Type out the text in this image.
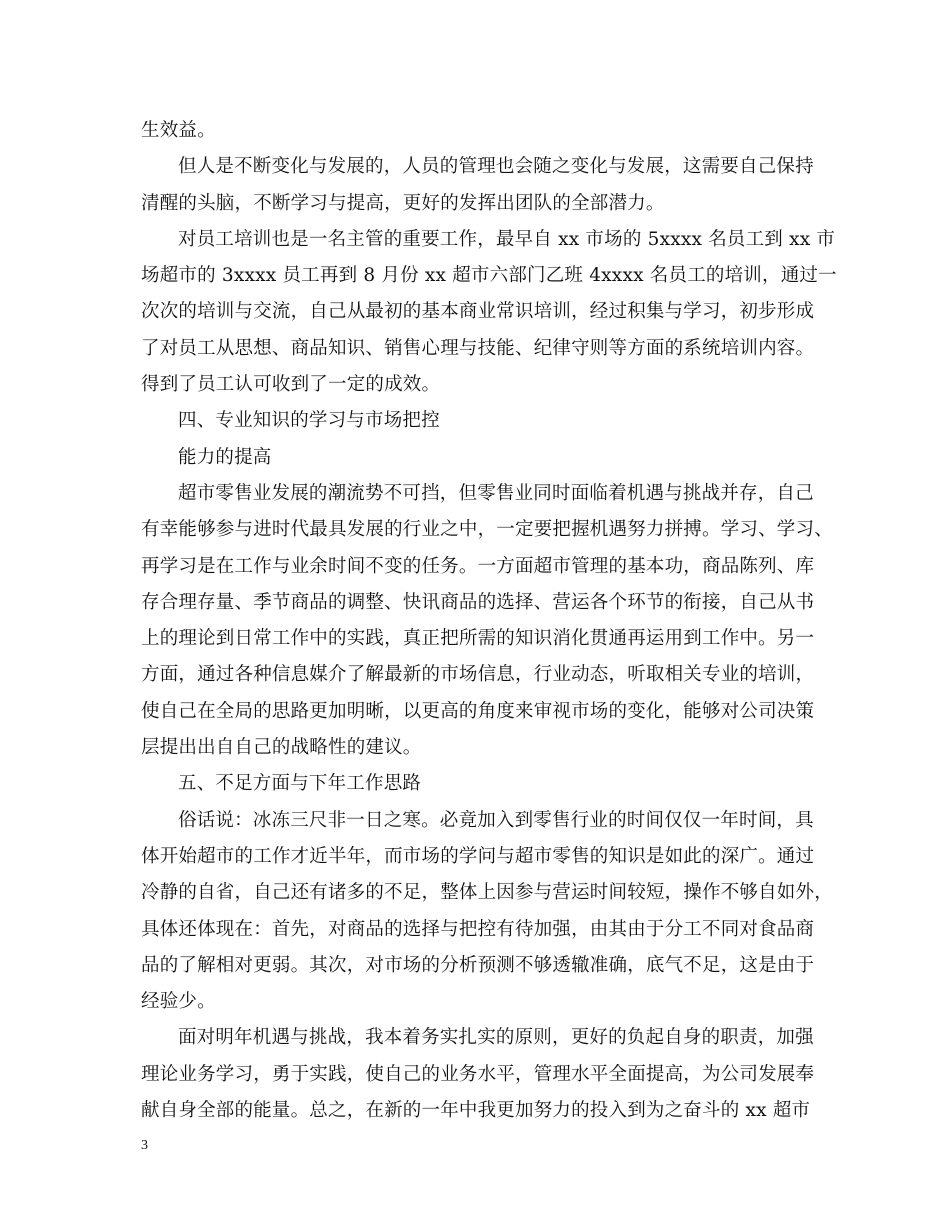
生效益。
但人是不断变化与发展的，人员的管理也会随之变化与发展，这需要自己保持
清醒的头脑，不断学习与提高，更好的发挥出团队的全部潜力。
对员工培训也是一名主管的重要工作，最早自 xx 市场的 5xxxx 名员工到 xx 市
场超市的 3xxxx 员工再到 8 月份 xx 超市六部门乙班 4xxxx 名员工的培训，通过一
次次的培训与交流，自己从最初的基本商业常识培训，经过积集与学习，初步形成
了对员工从思想、商品知识、销售心理与技能、纪律守则等方面的系统培训内容。
得到了员工认可收到了一定的成效。
四、专业知识的学习与市场把控
能力的提高
超市零售业发展的潮流势不可挡，但零售业同时面临着机遇与挑战并存，自己
有幸能够参与进时代最具发展的行业之中，一定要把握机遇努力拼搏。学习、学习、
再学习是在工作与业余时间不变的任务。一方面超市管理的基本功，商品陈列、库
存合理存量、季节商品的调整、快讯商品的选择、营运各个环节的衔接，自己从书
上的理论到日常工作中的实践，真正把所需的知识消化贯通再运用到工作中。另一
方面，通过各种信息媒介了解最新的市场信息，行业动态，听取相关专业的培训，
使自己在全局的思路更加明晰，以更高的角度来审视市场的变化，能够对公司决策
层提出出自自己的战略性的建议。
五、不足方面与下年工作思路
俗话说：冰冻三尺非一日之寒。必竟加入到零售行业的时间仅仅一年时间，具
体开始超市的工作才近半年，而市场的学问与超市零售的知识是如此的深广。通过
冷静的自省，自己还有诸多的不足，整体上因参与营运时间较短，操作不够自如外，
具体还体现在：首先，对商品的选择与把控有待加强，由其由于分工不同对食品商
品的了解相对更弱。其次，对市场的分析预测不够透辙准确，底气不足，这是由于
经验少。
面对明年机遇与挑战，我本着务实扎实的原则，更好的负起自身的职责，加强
理论业务学习，勇于实践，使自己的业务水平，管理水平全面提高，为公司发展奉
献自身全部的能量。总之，在新的一年中我更加努力的投入到为之奋斗的 xx 超市
3
